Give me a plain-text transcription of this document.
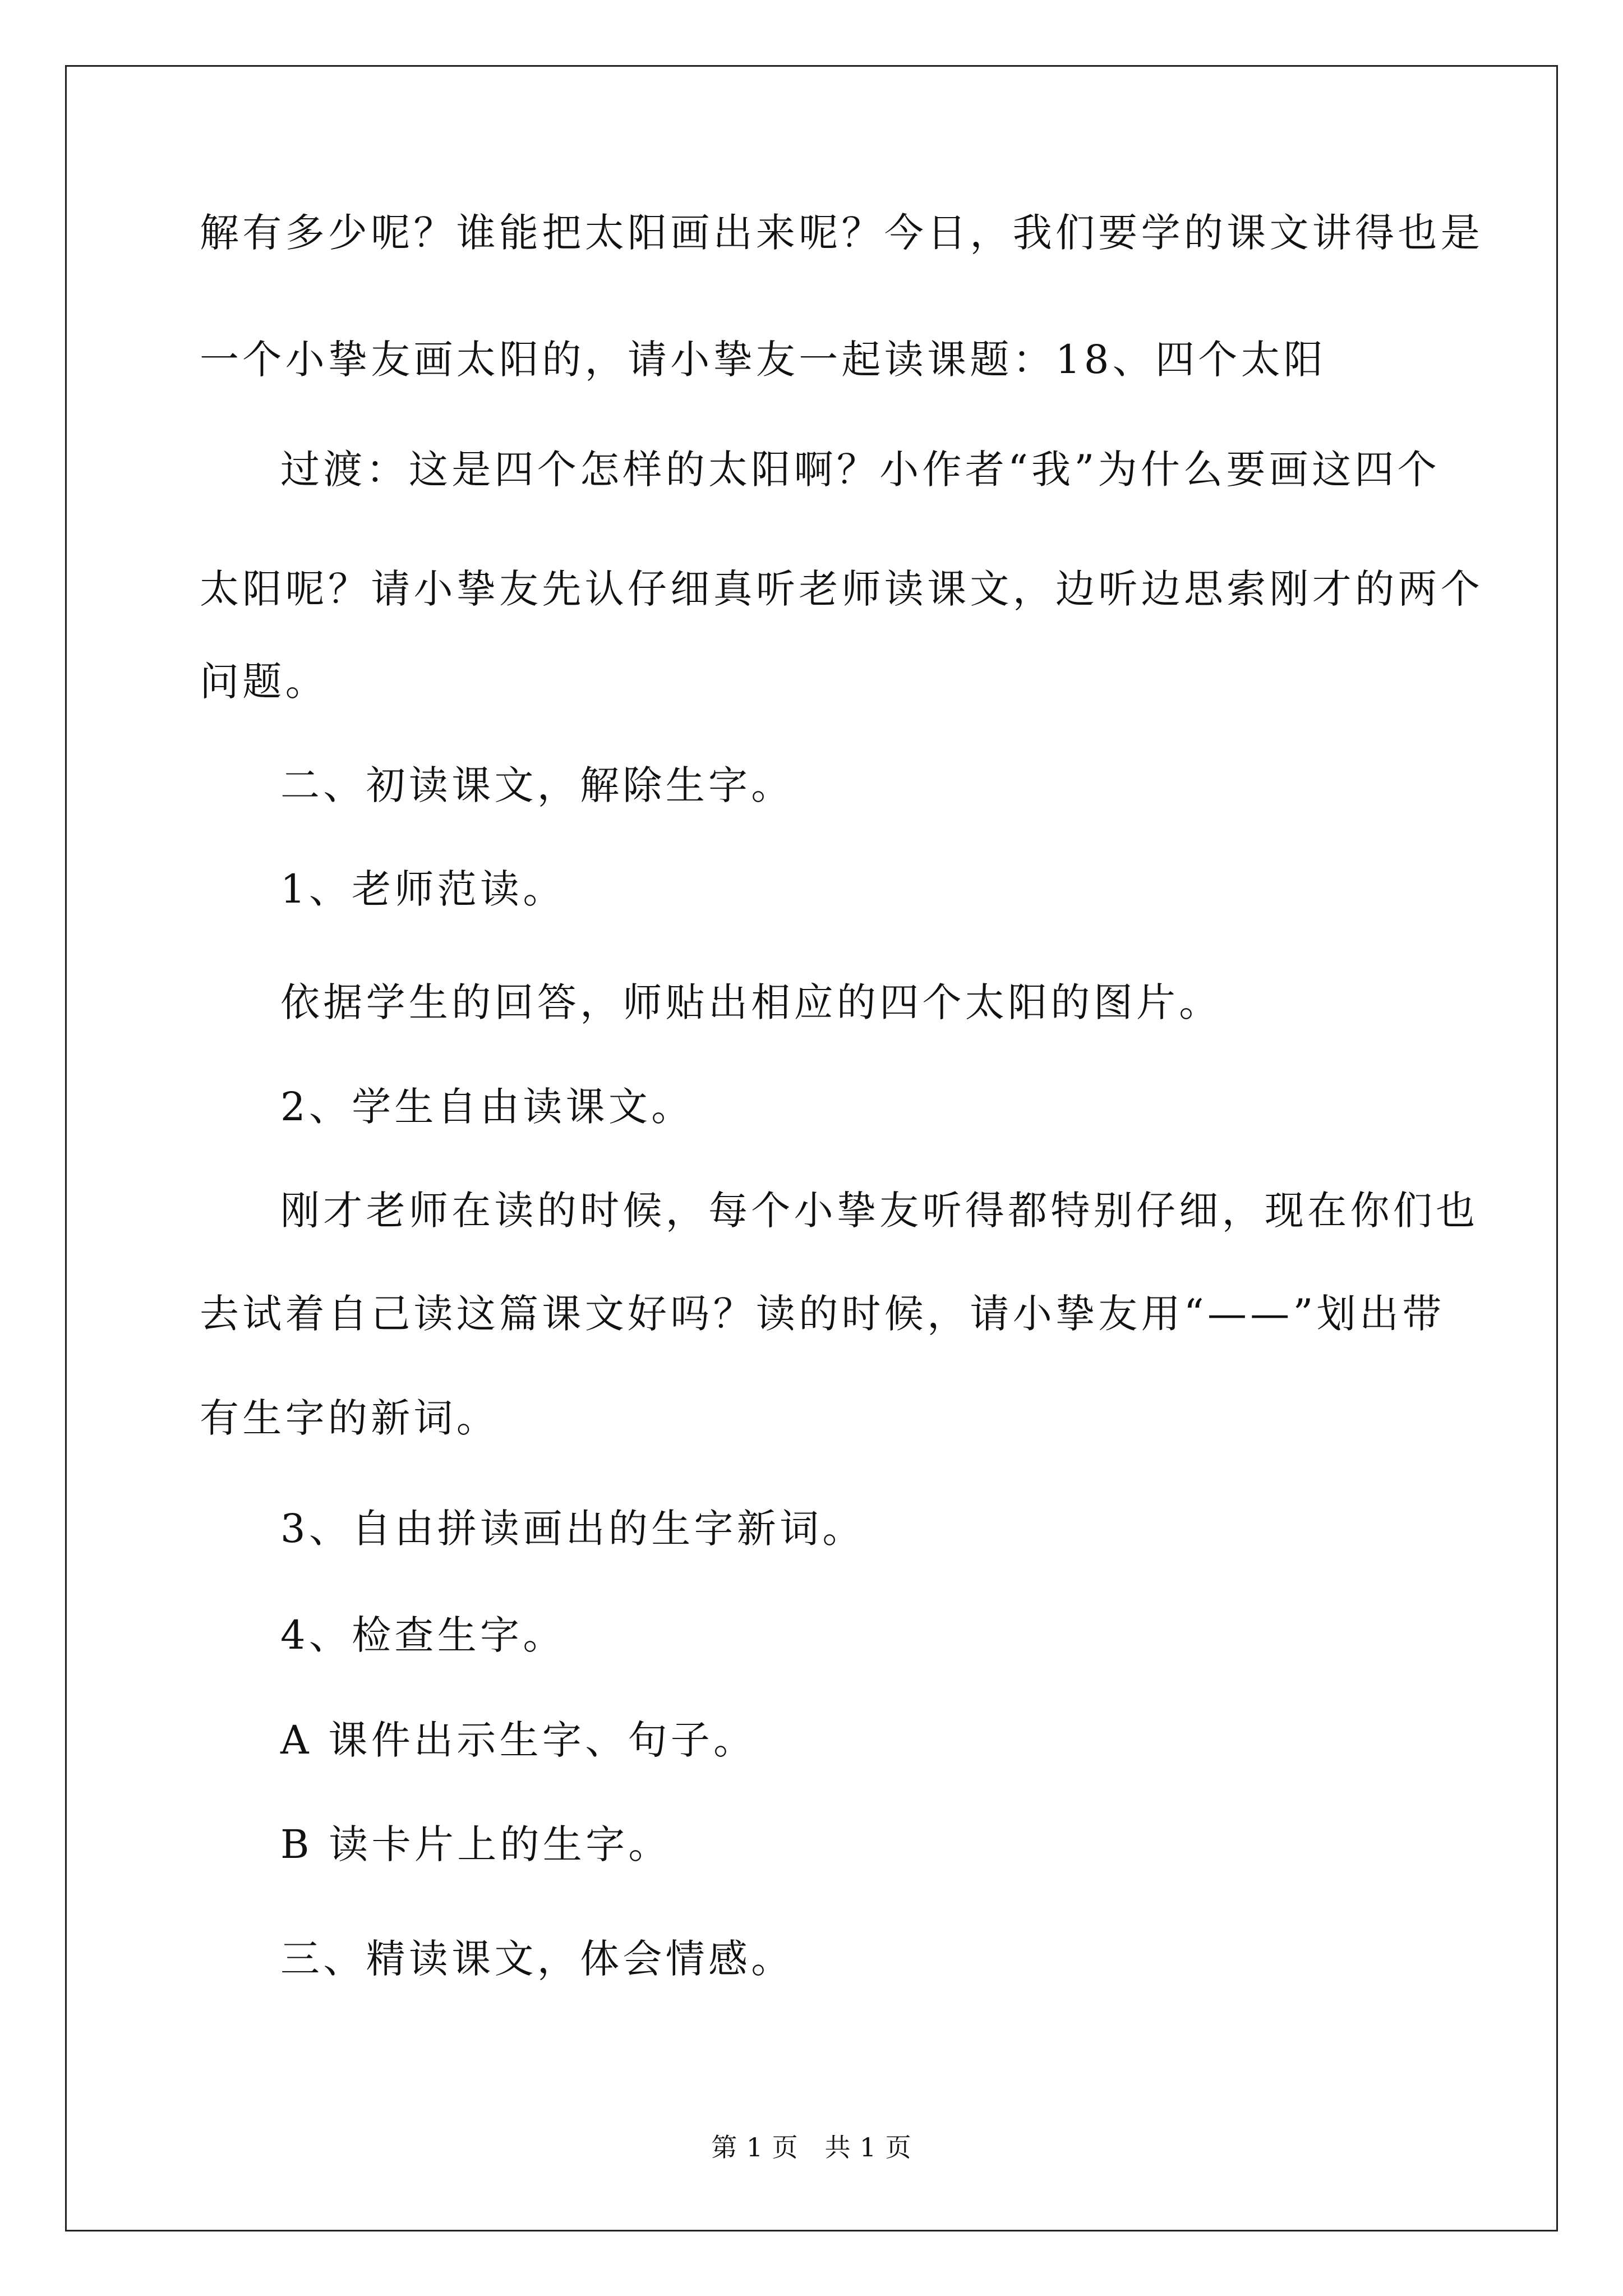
解有多少呢？谁能把太阳画出来呢？今日，我们要学的课文讲得也是
一个小挚友画太阳的，请小挚友一起读课题：18、四个太阳
过渡：这是四个怎样的太阳啊？小作者“我”为什么要画这四个
太阳呢？请小挚友先认仔细真听老师读课文，边听边思索刚才的两个
问题。
二、初读课文，解除生字。
1、老师范读。
依据学生的回答，师贴出相应的四个太阳的图片。
2、学生自由读课文。
刚才老师在读的时候，每个小挚友听得都特别仔细，现在你们也
去试着自己读这篇课文好吗？读的时候，请小挚友用“——”划出带
有生字的新词。
3、自由拼读画出的生字新词。
4、检查生字。
A 课件出示生字、句子。
B 读卡片上的生字。
三、精读课文，体会情感。
第 1 页　共 1 页
